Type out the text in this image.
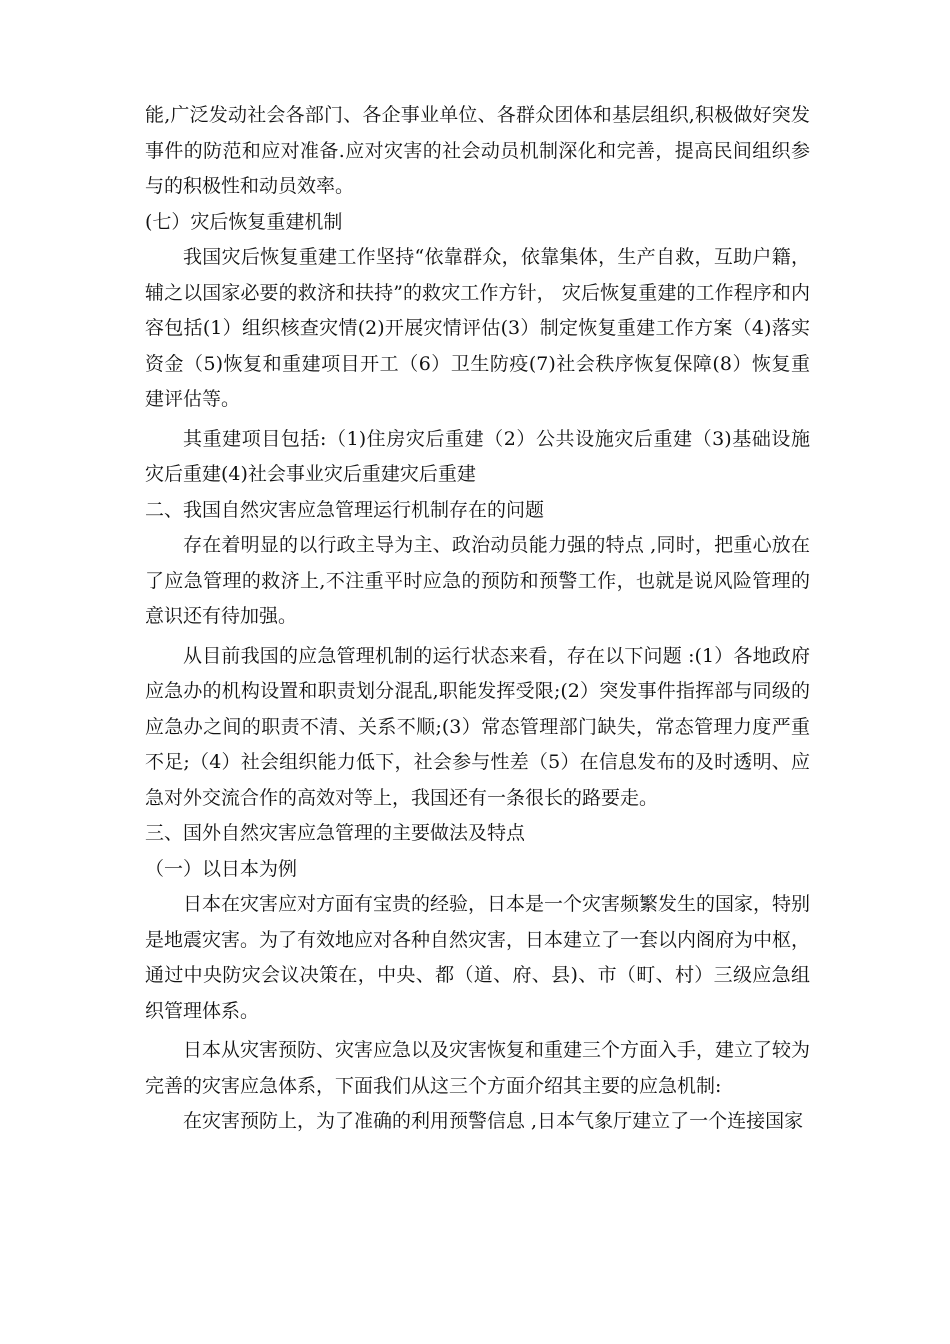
能,广泛发动社会各部门、各企事业单位、各群众团体和基层组织,积极做好突发事件的防范和应对准备.应对灾害的社会动员机制深化和完善，提高民间组织参与的积极性和动员效率。

(七）灾后恢复重建机制

我国灾后恢复重建工作坚持“依靠群众，依靠集体，生产自救，互助户籍，辅之以国家必要的救济和扶持”的救灾工作方针， 灾后恢复重建的工作程序和内容包括(1）组织核查灾情(2)开展灾情评估(3）制定恢复重建工作方案（4)落实资金（5)恢复和重建项目开工（6）卫生防疫(7)社会秩序恢复保障(8）恢复重建评估等。

其重建项目包括:（1)住房灾后重建（2）公共设施灾后重建（3)基础设施灾后重建(4)社会事业灾后重建灾后重建

二、我国自然灾害应急管理运行机制存在的问题

存在着明显的以行政主导为主、政治动员能力强的特点 ,同时，把重心放在了应急管理的救济上,不注重平时应急的预防和预警工作，也就是说风险管理的意识还有待加强。

从目前我国的应急管理机制的运行状态来看，存在以下问题 :(1）各地政府应急办的机构设置和职责划分混乱,职能发挥受限;(2）突发事件指挥部与同级的应急办之间的职责不清、关系不顺;(3）常态管理部门缺失，常态管理力度严重不足;（4）社会组织能力低下，社会参与性差（5）在信息发布的及时透明、应急对外交流合作的高效对等上，我国还有一条很长的路要走。

三、国外自然灾害应急管理的主要做法及特点

（一）以日本为例

日本在灾害应对方面有宝贵的经验，日本是一个灾害频繁发生的国家，特别是地震灾害。为了有效地应对各种自然灾害，日本建立了一套以内阁府为中枢，通过中央防灾会议决策在，中央、都（道、府、县)、市（町、村）三级应急组织管理体系。

日本从灾害预防、灾害应急以及灾害恢复和重建三个方面入手，建立了较为完善的灾害应急体系，下面我们从这三个方面介绍其主要的应急机制:

在灾害预防上，为了准确的利用预警信息 ,日本气象厅建立了一个连接国家
